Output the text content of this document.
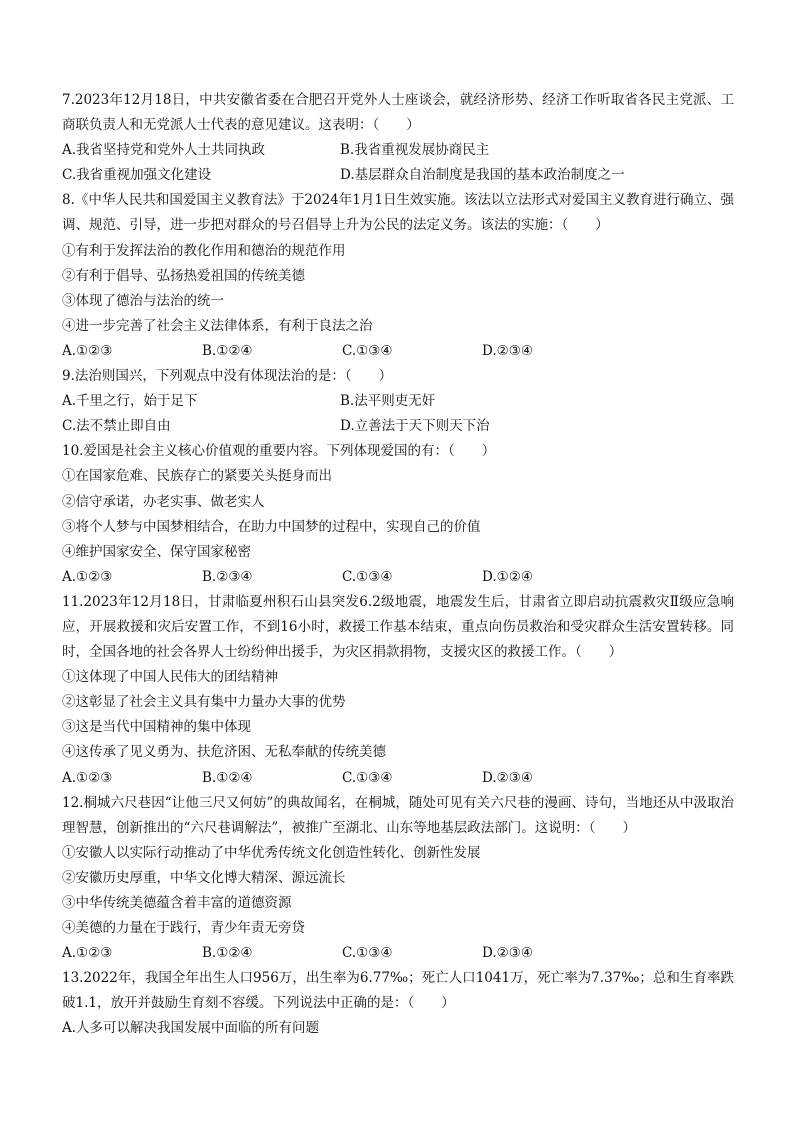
7.2023年12月18日，中共安徽省委在合肥召开党外人士座谈会，就经济形势、经济工作听取省各民主党派、工商联负责人和无党派人士代表的意见建议。这表明：（　　）
A.我省坚持党和党外人士共同执政	B.我省重视发展协商民主
C.我省重视加强文化建设	D.基层群众自治制度是我国的基本政治制度之一
8.《中华人民共和国爱国主义教育法》于2024年1月1日生效实施。该法以立法形式对爱国主义教育进行确立、强调、规范、引导，进一步把对群众的号召倡导上升为公民的法定义务。该法的实施：（　　）
①有利于发挥法治的教化作用和德治的规范作用
②有利于倡导、弘扬热爱祖国的传统美德
③体现了德治与法治的统一
④进一步完善了社会主义法律体系，有利于良法之治
A.①②③	B.①②④	C.①③④	D.②③④
9.法治则国兴，下列观点中没有体现法治的是：（　　）
A.千里之行，始于足下	B.法平则吏无奸
C.法不禁止即自由	D.立善法于天下则天下治
10.爱国是社会主义核心价值观的重要内容。下列体现爱国的有：（　　）
①在国家危难、民族存亡的紧要关头挺身而出
②信守承诺，办老实事、做老实人
③将个人梦与中国梦相结合，在助力中国梦的过程中，实现自己的价值
④维护国家安全、保守国家秘密
A.①②③	B.②③④	C.①③④	D.①②④
11.2023年12月18日，甘肃临夏州积石山县突发6.2级地震，地震发生后，甘肃省立即启动抗震救灾Ⅱ级应急响应，开展救援和灾后安置工作，不到16小时，救援工作基本结束，重点向伤员救治和受灾群众生活安置转移。同时，全国各地的社会各界人士纷纷伸出援手，为灾区捐款捐物，支援灾区的救援工作。（　　）
①这体现了中国人民伟大的团结精神
②这彰显了社会主义具有集中力量办大事的优势
③这是当代中国精神的集中体现
④这传承了见义勇为、扶危济困、无私奉献的传统美德
A.①②③	B.①②④	C.①③④	D.②③④
12.桐城六尺巷因“让他三尺又何妨”的典故闻名，在桐城，随处可见有关六尺巷的漫画、诗句，当地还从中汲取治理智慧，创新推出的“六尺巷调解法”，被推广至湖北、山东等地基层政法部门。这说明：（　　）
①安徽人以实际行动推动了中华优秀传统文化创造性转化、创新性发展
②安徽历史厚重，中华文化博大精深、源远流长
③中华传统美德蕴含着丰富的道德资源
④美德的力量在于践行，青少年责无旁贷
A.①②③	B.①②④	C.①③④	D.②③④
13.2022年，我国全年出生人口956万，出生率为6.77‰；死亡人口1041万，死亡率为7.37‰；总和生育率跌破1.1，放开并鼓励生育刻不容缓。下列说法中正确的是：（　　）
A.人多可以解决我国发展中面临的所有问题
